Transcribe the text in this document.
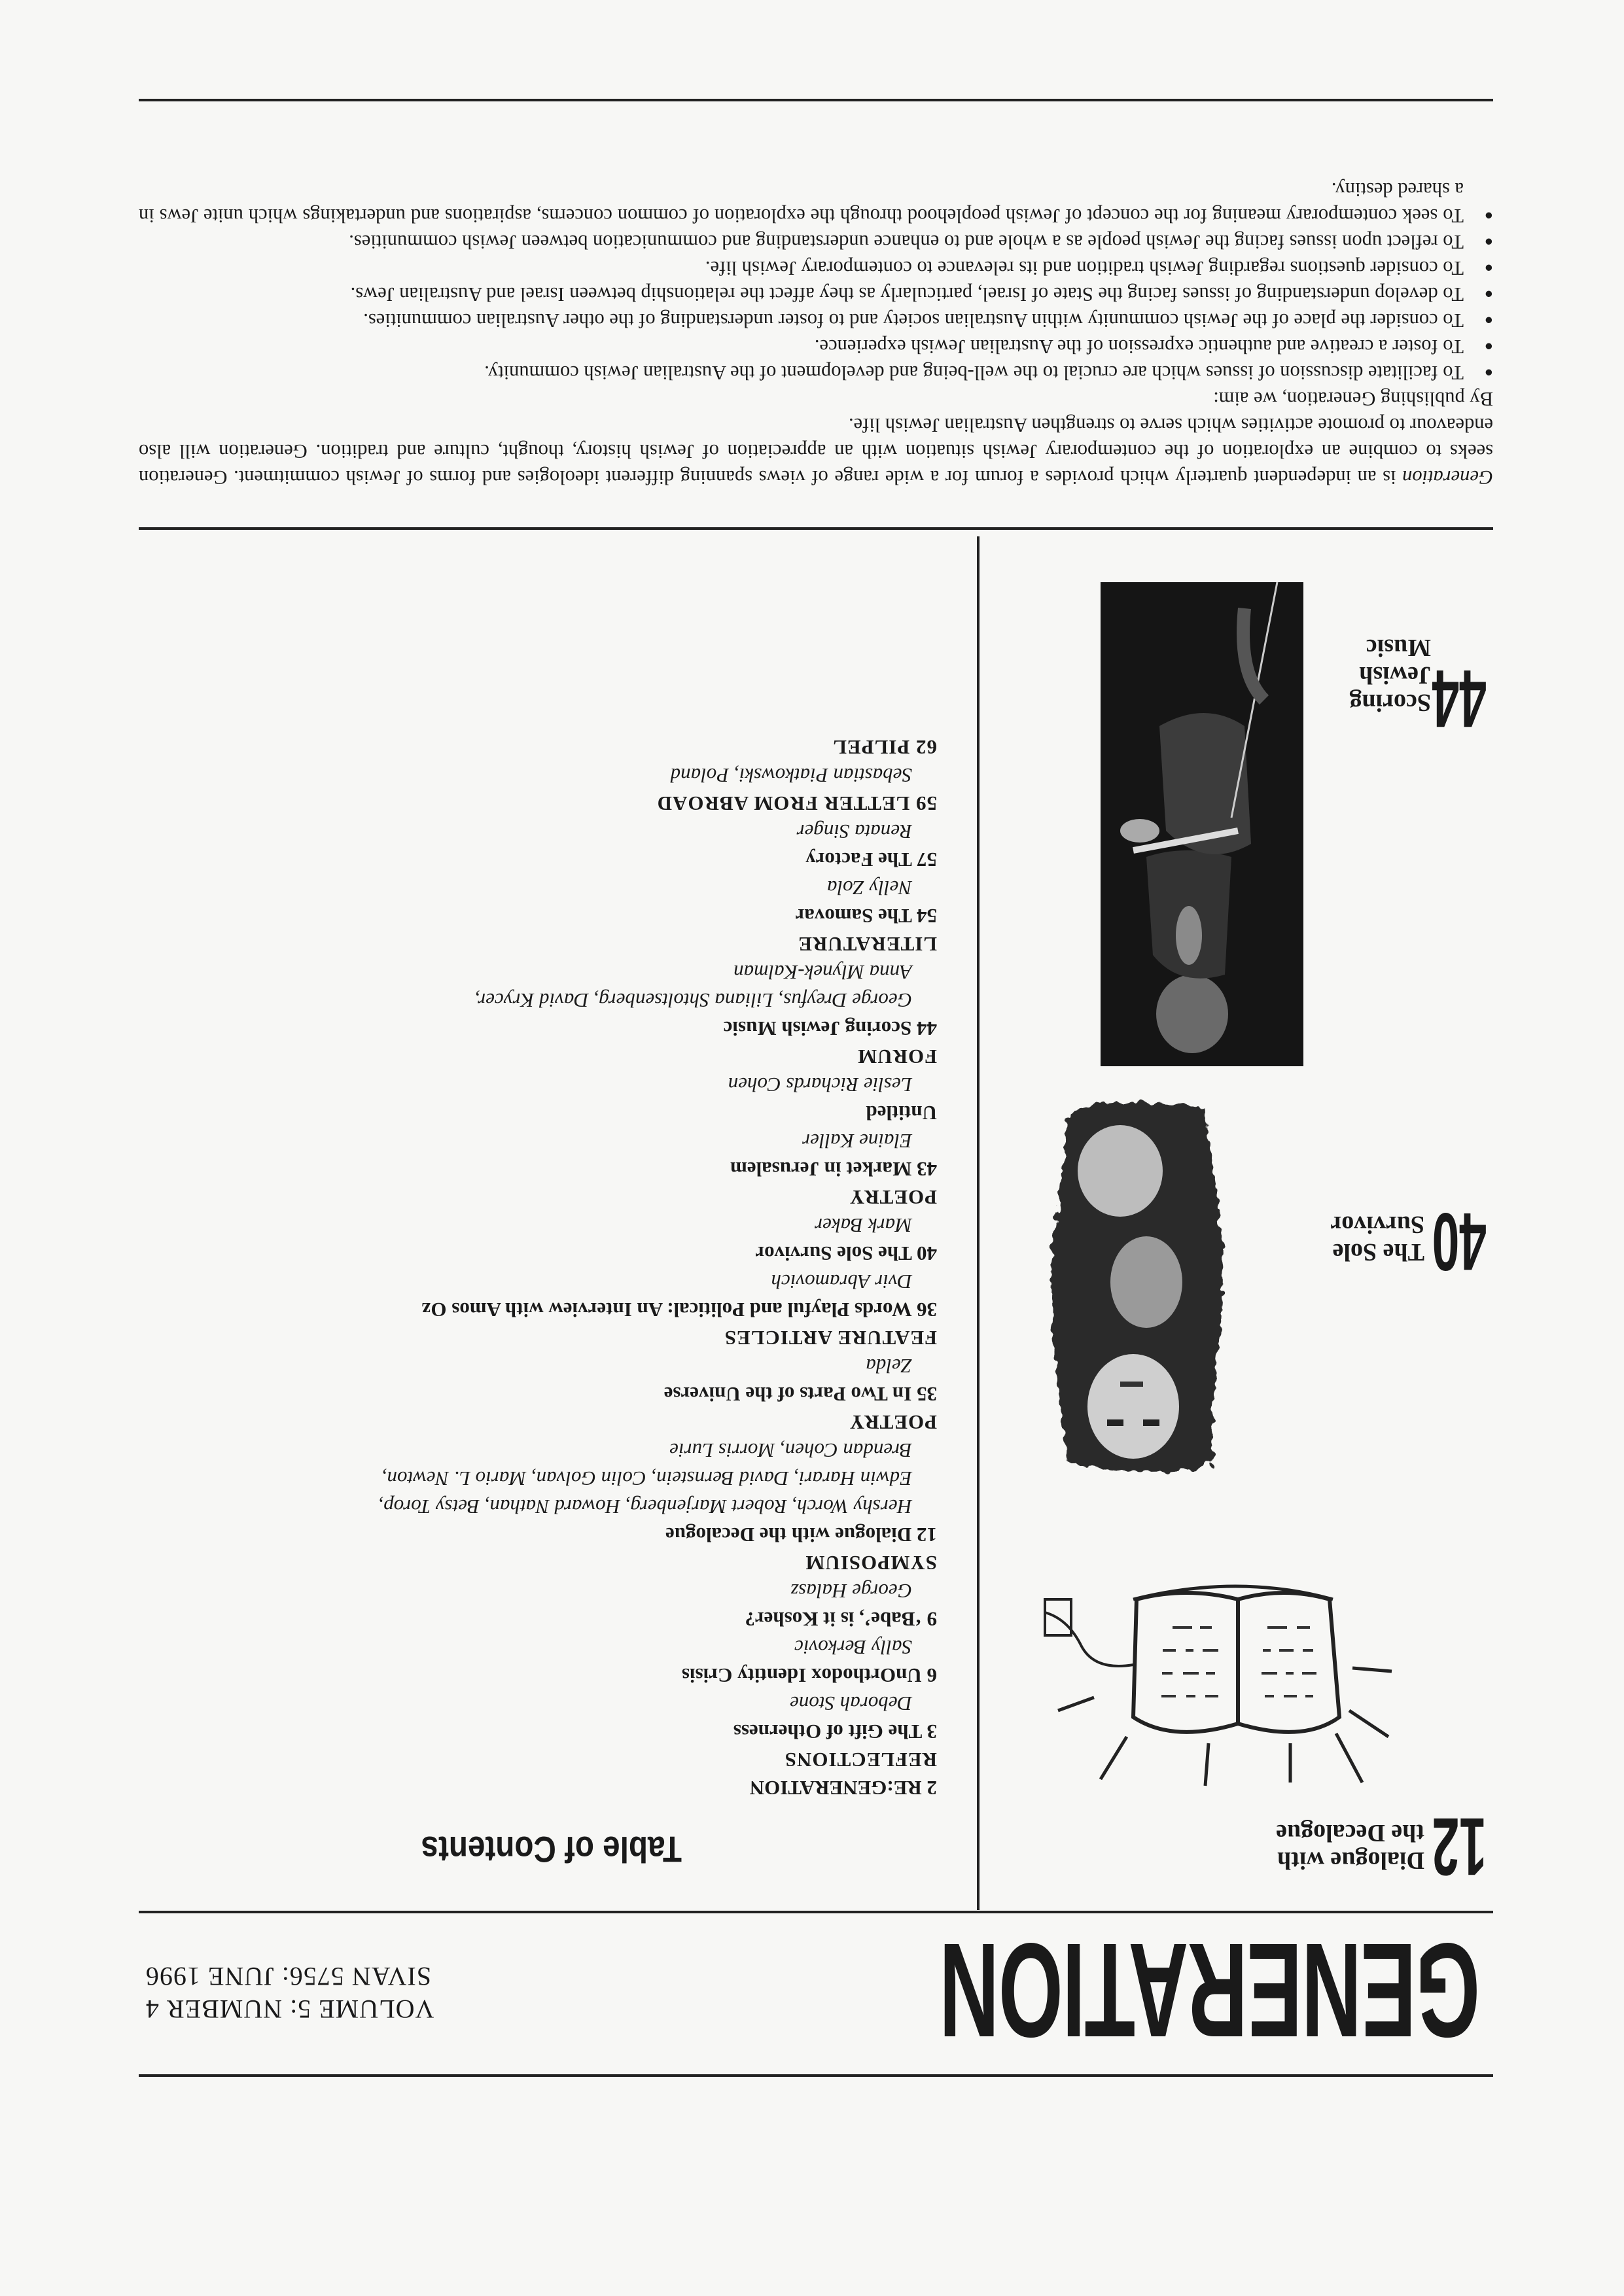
GENERATION
VOLUME 5: NUMBER 4
SIVAN 5756: JUNE 1996
12
Dialogue with
the Decalogue
40
The Sole
Survivor
44
Scoring
Jewish
Music
Table of Contents
2 RE:GENERATION
REFLECTIONS
3 The Gift of Otherness
Deborah Stone
6 UnOrthodox Identity Crisis
Sally Berkovic
9 ‘Babe’, is it Kosher?
George Halasz
SYMPOSIUM
12 Dialogue with the Decalogue
Hershy Worch, Robert Marjenberg, Howard Nathan, Betsy Torop,
Edwin Harari, David Bernstein, Colin Golvan, Mario L. Newton,
Brendan Cohen, Morris Lurie
POETRY
35 In Two Parts of the Universe
Zelda
FEATURE ARTICLES
36 Words Playful and Political: An Interview with Amos Oz
Dvir Abramovich
40 The Sole Survivor
Mark Baker
POETRY
43 Market in Jerusalem
Elaine Kaller
Untitled
Leslie Richards Cohen
FORUM
44 Scoring Jewish Music
George Dreyfus, Liliana Shtoltsenberg, David Krycer,
Anna Mlynek-Kalman
LITERATURE
54 The Samovar
Nelly Zola
57 The Factory
Renata Singer
59 LETTER FROM ABROAD
Sebastian Piatkowski, Poland
62 PILPEL
Generation is an independent quarterly which provides a forum for a wide range of views spanning different ideologies and forms of Jewish commitment. Generation seeks to combine an exploration of the contemporary Jewish situation with an appreciation of Jewish history, thought, culture and tradition. Generation will also endeavour to promote activities which serve to strengthen Australian Jewish life.
By publishing Generation, we aim:
● To facilitate discussion of issues which are crucial to the well-being and development of the Australian Jewish community.
● To foster a creative and authentic expression of the Australian Jewish experience.
● To consider the place of the Jewish community within Australian society and to foster understanding of the other Australian communities.
● To develop understanding of issues facing the State of Israel, particularly as they affect the relationship between Israel and Australian Jews.
● To consider questions regarding Jewish tradition and its relevance to contemporary Jewish life.
● To reflect upon issues facing the Jewish people as a whole and to enhance understanding and communication between Jewish communities.
● To seek contemporary meaning for the concept of Jewish peoplehood through the exploration of common concerns, aspirations and undertakings which unite Jews in a shared destiny.
